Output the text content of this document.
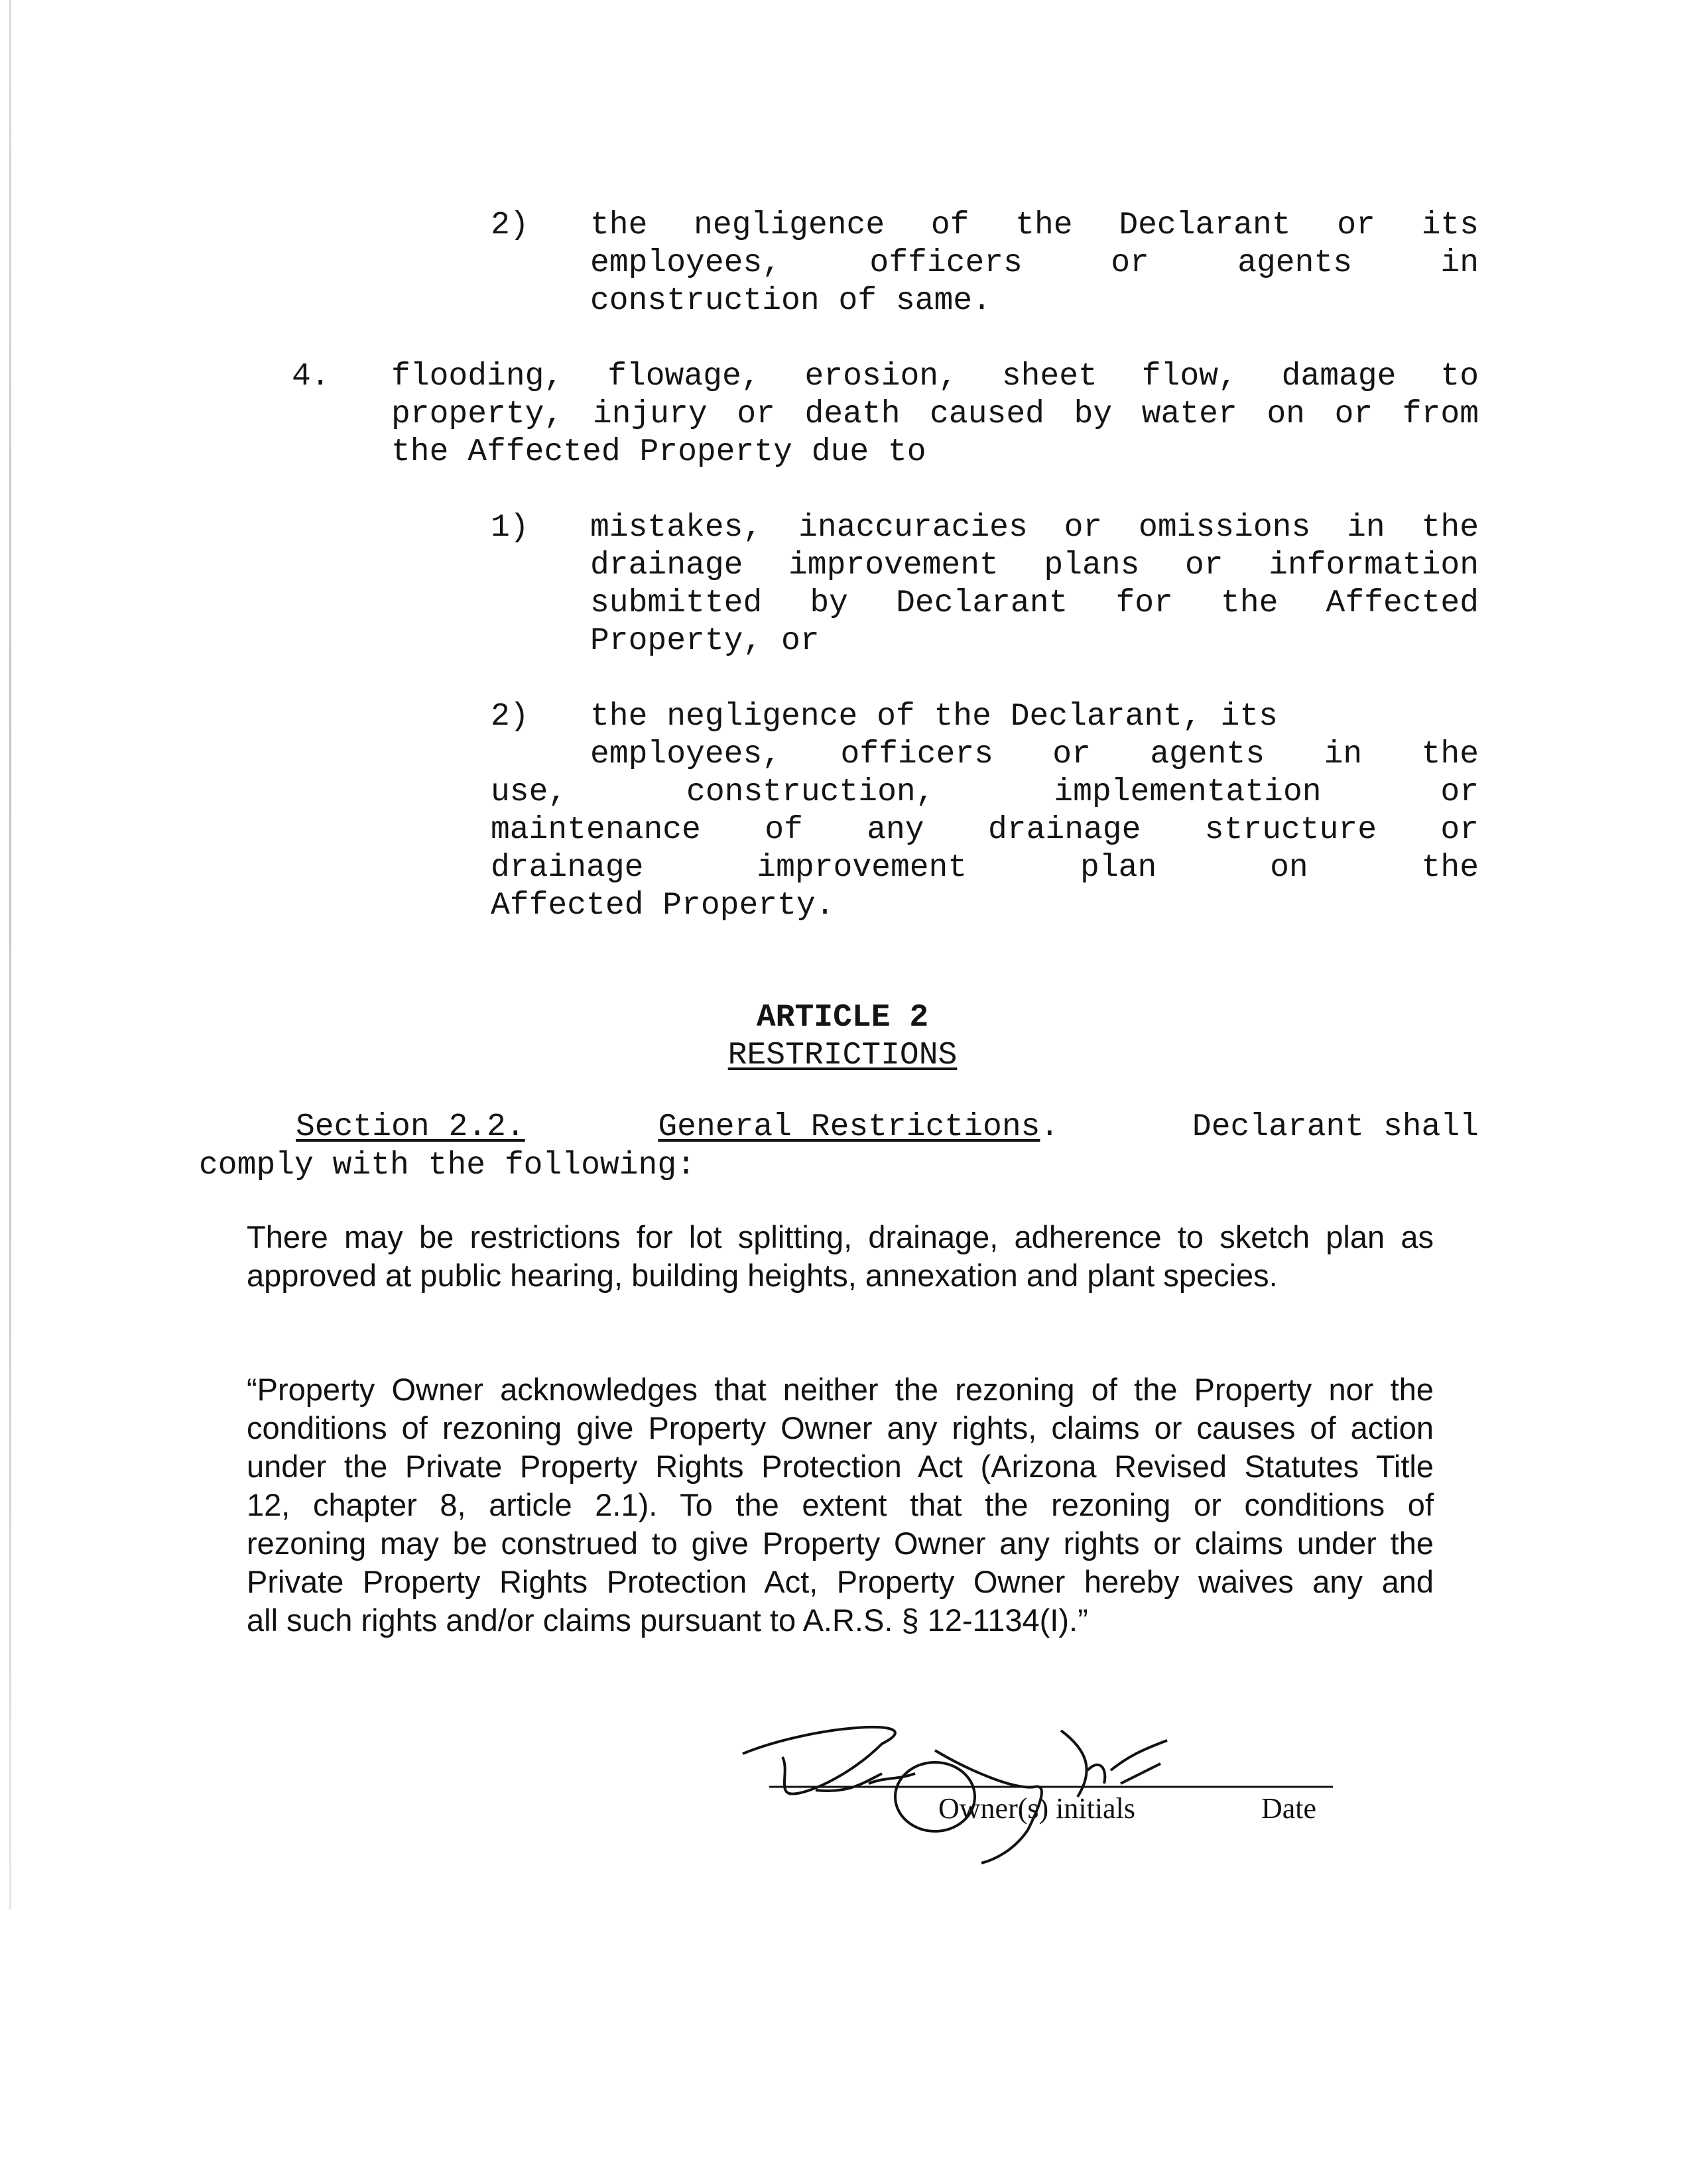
2) the negligence of the Declarant or its
employees, officers or agents in
construction of same.
4. flooding, flowage, erosion, sheet flow, damage to
property, injury or death caused by water on or from
the Affected Property due to
1) mistakes, inaccuracies or omissions in the
drainage improvement plans or information
submitted by Declarant for the Affected
Property, or
2) the negligence of the Declarant, its
employees, officers or agents in the
use, construction, implementation or
maintenance of any drainage structure or
drainage improvement plan on the
Affected Property.
ARTICLE 2
RESTRICTIONS
Section 2.2.	General Restrictions.	Declarant shall
comply with the following:
There may be restrictions for lot splitting, drainage, adherence to sketch plan as
approved at public hearing, building heights, annexation and plant species.
“Property Owner acknowledges that neither the rezoning of the Property nor the
conditions of rezoning give Property Owner any rights, claims or causes of action
under the Private Property Rights Protection Act (Arizona Revised Statutes Title
12, chapter 8, article 2.1). To the extent that the rezoning or conditions of
rezoning may be construed to give Property Owner any rights or claims under the
Private Property Rights Protection Act, Property Owner hereby waives any and
all such rights and/or claims pursuant to A.R.S. § 12-1134(I).”
Owner(s) initials	Date
